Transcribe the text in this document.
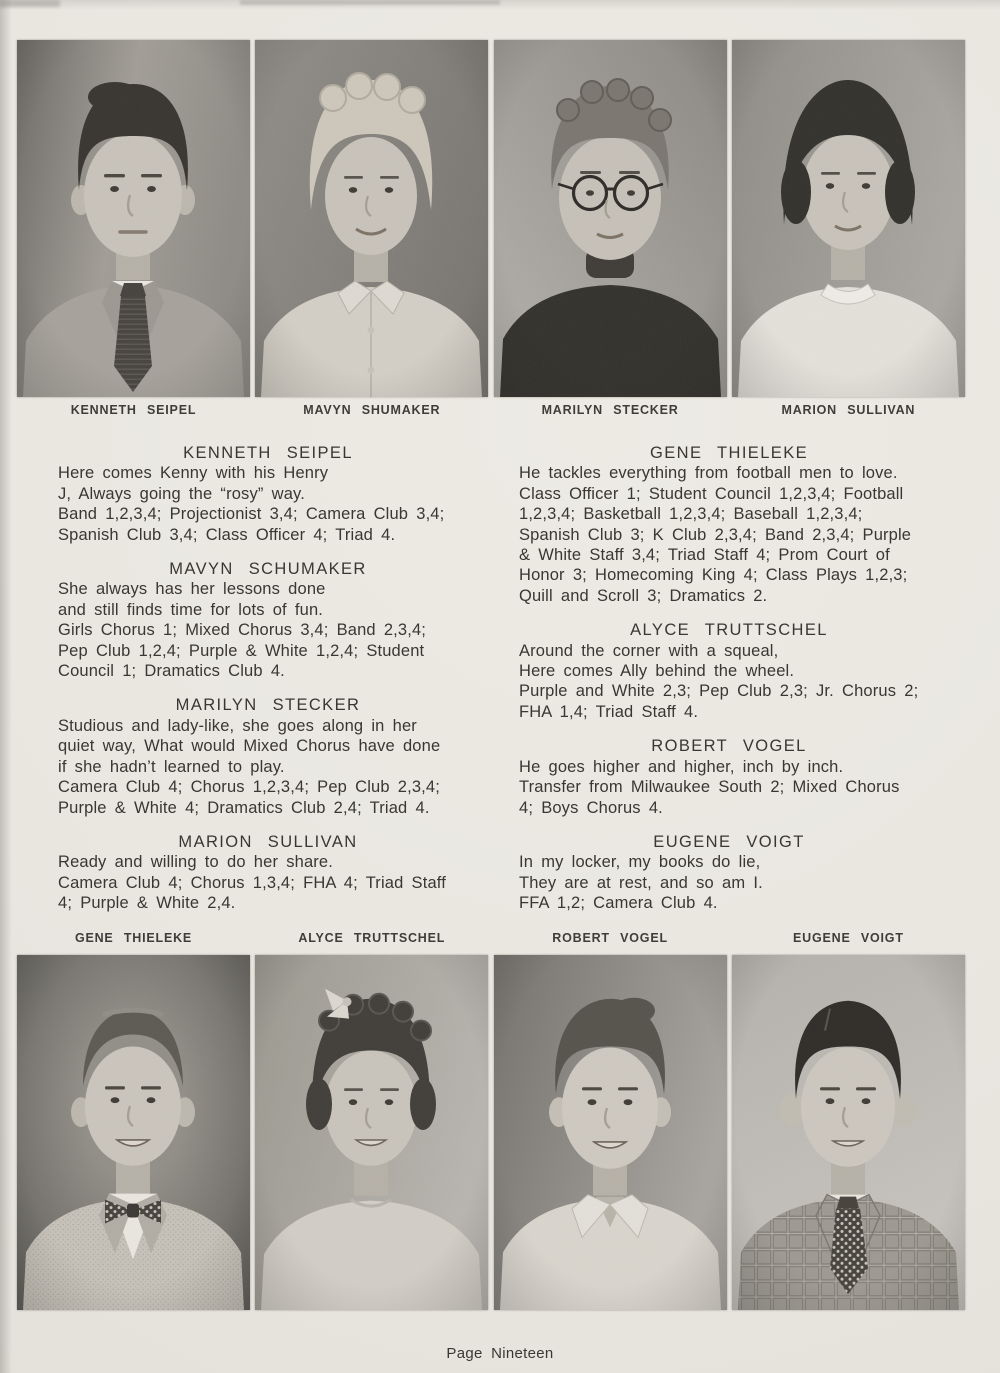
KENNETH SEIPEL	MAVYN SHUMAKER	MARILYN STECKER	MARION SULLIVAN
KENNETH SEIPEL
Here comes Kenny with his Henry
J, Always going the “rosy” way.
Band 1,2,3,4; Projectionist 3,4; Camera Club 3,4;
Spanish Club 3,4; Class Officer 4; Triad 4.
MAVYN SCHUMAKER
She always has her lessons done
and still finds time for lots of fun.
Girls Chorus 1; Mixed Chorus 3,4; Band 2,3,4;
Pep Club 1,2,4; Purple & White 1,2,4; Student
Council 1; Dramatics Club 4.
MARILYN STECKER
Studious and lady-like, she goes along in her
quiet way, What would Mixed Chorus have done
if she hadn’t learned to play.
Camera Club 4; Chorus 1,2,3,4; Pep Club 2,3,4;
Purple & White 4; Dramatics Club 2,4; Triad 4.
MARION SULLIVAN
Ready and willing to do her share.
Camera Club 4; Chorus 1,3,4; FHA 4; Triad Staff
4; Purple & White 2,4.
GENE THIELEKE
He tackles everything from football men to love.
Class Officer 1; Student Council 1,2,3,4; Football
1,2,3,4; Basketball 1,2,3,4; Baseball 1,2,3,4;
Spanish Club 3; K Club 2,3,4; Band 2,3,4; Purple
& White Staff 3,4; Triad Staff 4; Prom Court of
Honor 3; Homecoming King 4; Class Plays 1,2,3;
Quill and Scroll 3; Dramatics 2.
ALYCE TRUTTSCHEL
Around the corner with a squeal,
Here comes Ally behind the wheel.
Purple and White 2,3; Pep Club 2,3; Jr. Chorus 2;
FHA 1,4; Triad Staff 4.
ROBERT VOGEL
He goes higher and higher, inch by inch.
Transfer from Milwaukee South 2; Mixed Chorus
4; Boys Chorus 4.
EUGENE VOIGT
In my locker, my books do lie,
They are at rest, and so am I.
FFA 1,2; Camera Club 4.
GENE THIELEKE	ALYCE TRUTTSCHEL	ROBERT VOGEL	EUGENE VOIGT
Page Nineteen
